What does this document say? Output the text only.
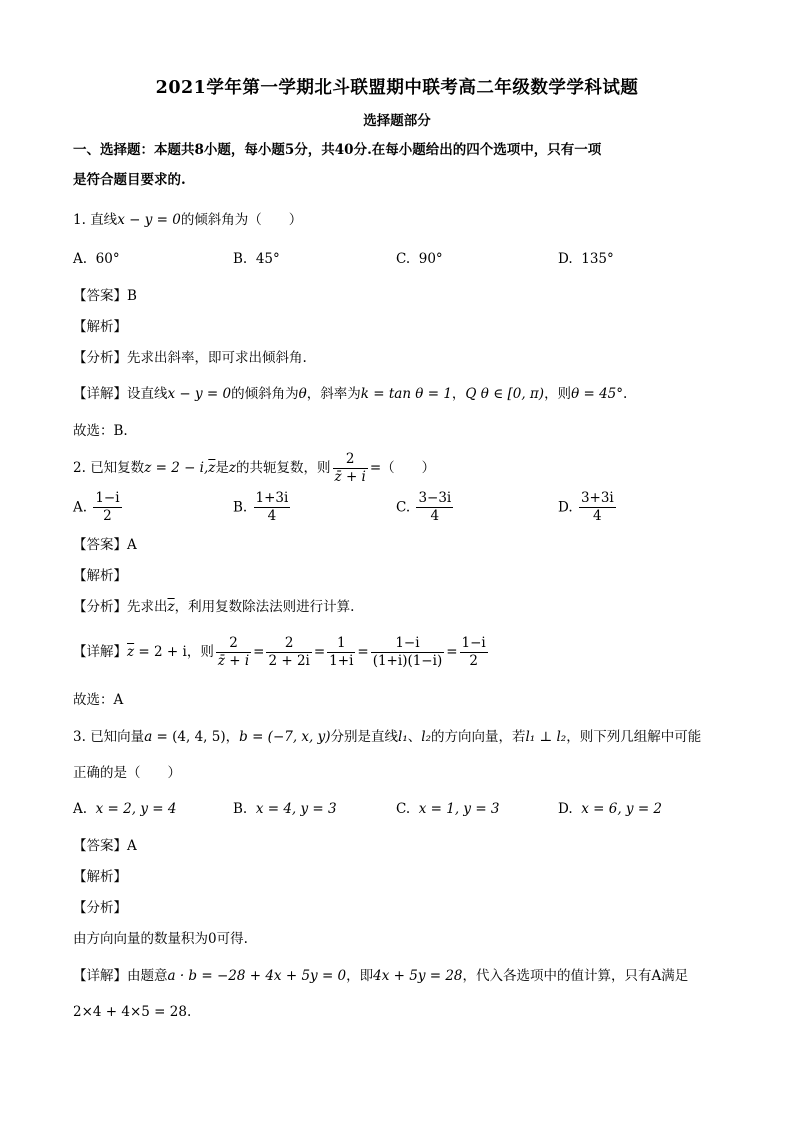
2021学年第一学期北斗联盟期中联考高二年级数学学科试题
选择题部分
一、选择题：本题共8小题，每小题5分，共40分.在每小题给出的四个选项中，只有一项
是符合题目要求的.
1. 直线x − y = 0的倾斜角为（　　）
A. 60°	B. 45°	C. 90°	D. 135°
【答案】B
【解析】
【分析】先求出斜率，即可求出倾斜角.
【详解】设直线x − y = 0的倾斜角为θ，斜率为k = tan θ = 1，Q θ ∈ [0, π)，则θ = 45°.
故选：B.
2. 已知复数$z = 2 - i,\overline{z}$是z的共轭复数，则 $\frac{2}{z̄ + i}$ =（　　）
A. $\frac{1-i}{2}$	B. $\frac{1+3i}{4}$	C. $\frac{3-3i}{4}$	D. $\frac{3+3i}{4}$
【答案】A
【解析】
【分析】先求出$\overline{z}$，利用复数除法法则进行计算.
【详解】$\overline{z} = 2 + i$，则 $\frac{2}{z̄ + i} = \frac{2}{2 + 2i} = \frac{1}{1+i} = \frac{1-i}{(1+i)(1-i)} = \frac{1-i}{2}$
故选：A
3. 已知向量a = (4, 4, 5)，b = (−7, x, y)分别是直线l₁、l₂的方向向量，若l₁ ⊥ l₂，则下列几组解中可能
正确的是（　　）
A. x = 2, y = 4	B. x = 4, y = 3	C. x = 1, y = 3	D. x = 6, y = 2
【答案】A
【解析】
【分析】
由方向向量的数量积为0可得.
【详解】由题意a · b = −28 + 4x + 5y = 0，即4x + 5y = 28，代入各选项中的值计算，只有A满足
2×4 + 4×5 = 28.
